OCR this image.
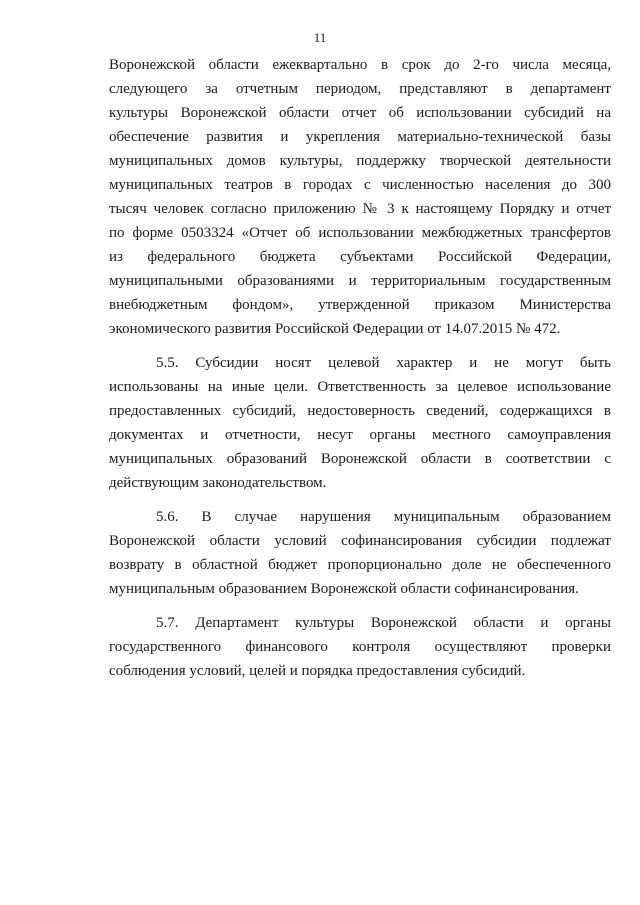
11
Воронежской области ежеквартально в срок до 2-го числа месяца,
следующего за отчетным периодом, представляют в департамент
культуры Воронежской области отчет об использовании субсидий на
обеспечение развития и укрепления материально-технической базы
муниципальных домов культуры, поддержку творческой деятельности
муниципальных театров в городах с численностью населения до 300
тысяч человек согласно приложению № 3 к настоящему Порядку и отчет
по форме 0503324 «Отчет об использовании межбюджетных трансфертов
из федерального бюджета субъектами Российской Федерации,
муниципальными образованиями и территориальным государственным
внебюджетным фондом», утвержденной приказом Министерства
экономического развития Российской Федерации от 14.07.2015 № 472.
5.5. Субсидии носят целевой характер и не могут быть
использованы на иные цели. Ответственность за целевое использование
предоставленных субсидий, недостоверность сведений, содержащихся в
документах и отчетности, несут органы местного самоуправления
муниципальных образований Воронежской области в соответствии с
действующим законодательством.
5.6. В случае нарушения муниципальным образованием
Воронежской области условий софинансирования субсидии подлежат
возврату в областной бюджет пропорционально доле не обеспеченного
муниципальным образованием Воронежской области софинансирования.
5.7. Департамент культуры Воронежской области и органы
государственного финансового контроля осуществляют проверки
соблюдения условий, целей и порядка предоставления субсидий.
